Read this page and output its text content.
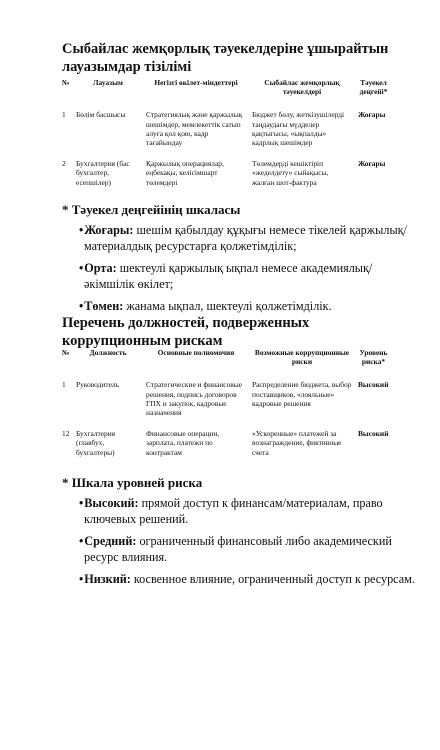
Сыбайлас жемқорлық тәуекелдеріне ұшырайтын лауазымдар тізілімі
№	Лауазым	Негізгі өкілет-міндеттері	Сыбайлас жемқорлық тәуекелдері	Тәуекел деңгейі*
1	Бөлім басшысы	Стратегиялық және қаржылық шешімдер, мемлекеттік сатып алуға қол қою, кадр тағайындау	Бюджет бөлу, жеткізушілерді таңдаудағы мүдделер қақтығысы, «ықпалды» кадрлық шешімдер	Жоғары
2	Бухгалтерия (бас бухгалтер, есепшілер)	Қаржылық операциялар, еңбекақы, келісімшарт төлемдері	Төлемдерді кешіктіріп «жеделдету» сыйақысы, жалған шот-фактура	Жоғары
* Тәуекел деңгейінің шкаласы
•Жоғары: шешім қабылдау құқығы немесе тікелей қаржылық/материалдық ресурстарға қолжетімділік;
•Орта: шектеулі қаржылық ықпал немесе академиялық/әкімшілік өкілет;
•Төмен: жанама ықпал, шектеулі қолжетімділік.
Перечень должностей, подверженных коррупционным рискам
№	Должность	Основные полномочия	Возможные коррупционные риски	Уровень риска*
1	Руководитель	Стратегические и финансовые решения, подпись договоров ГПХ и закупок, кадровые назначения	Распределение бюджета, выбор поставщиков, «лояльные» кадровые решения	Высокий
12	Бухгалтерия (главбух, бухгалтеры)	Финансовые операции, зарплата, платежи по контрактам	«Ускоренные» платежей за вознаграждение, фиктивные счета	Высокий
* Шкала уровней риска
•Высокий: прямой доступ к финансам/материалам, право ключевых решений.
•Средний: ограниченный финансовый либо академический ресурс влияния.
•Низкий: косвенное влияние, ограниченный доступ к ресурсам.
